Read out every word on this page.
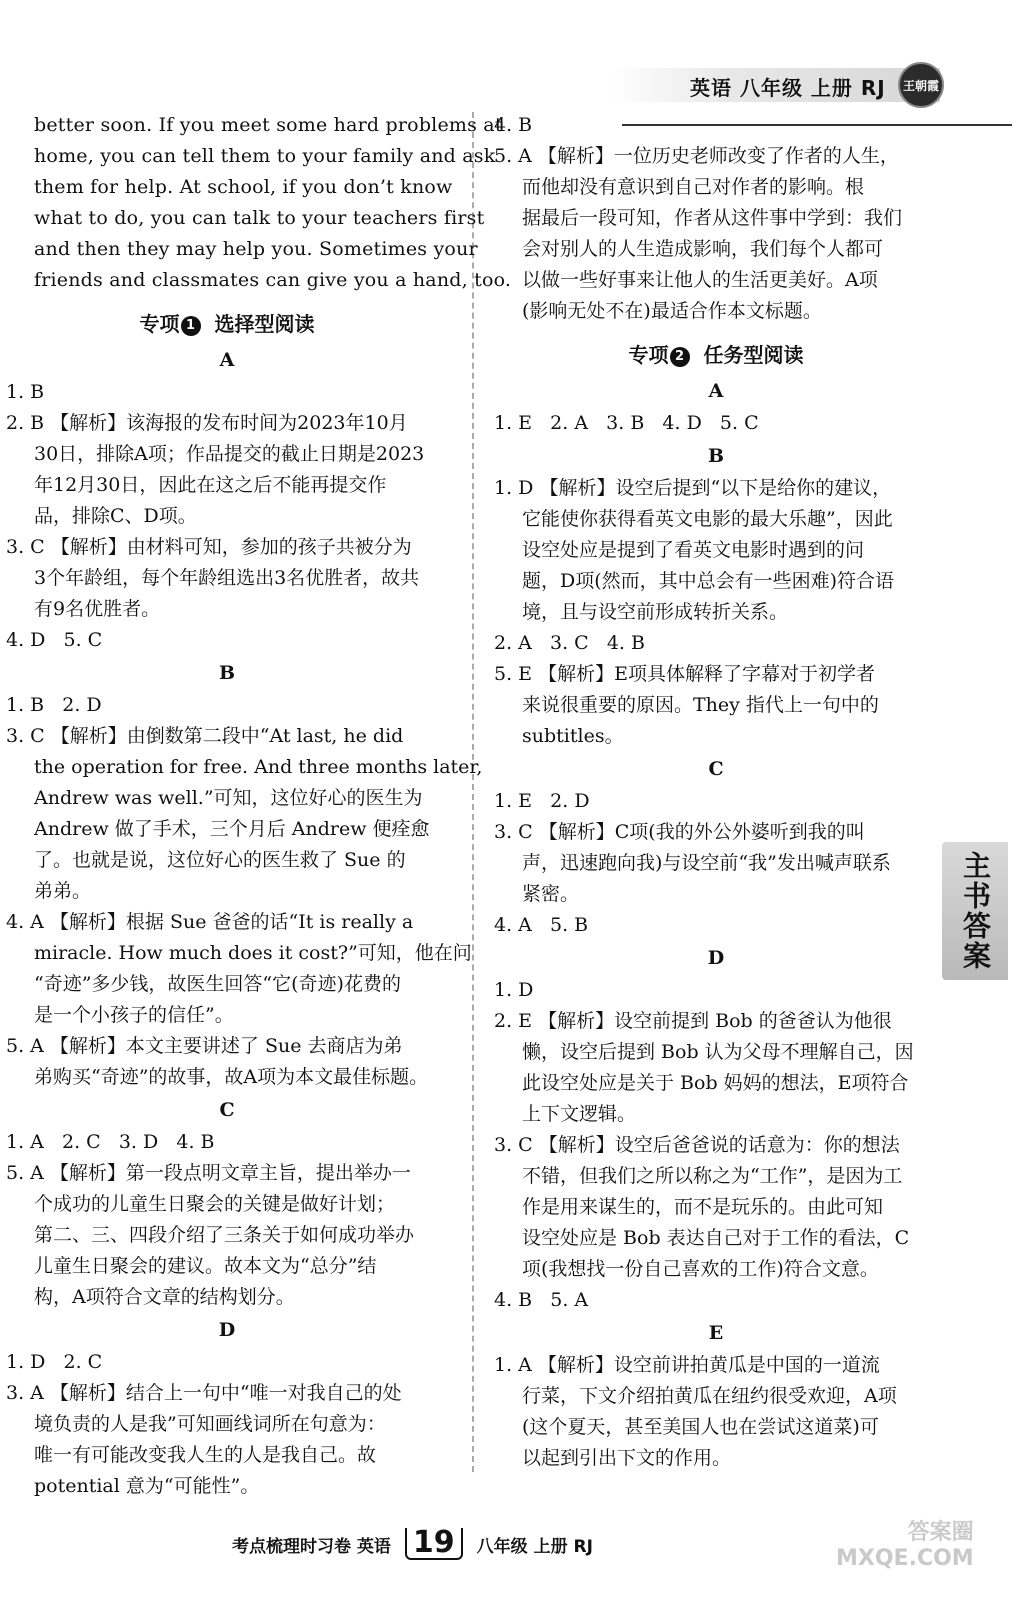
英语 八年级 上册 RJ	王朝霞
better soon. If you meet some hard problems at
home, you can tell them to your family and ask
them for help. At school, if you don’t know
what to do, you can talk to your teachers first
and then they may help you. Sometimes your
friends and classmates can give you a hand, too.
专项 1 选择型阅读
A
1. B
2. B 【解析】该海报的发布时间为2023年10月
30日，排除A项；作品提交的截止日期是2023
年12月30日，因此在这之后不能再提交作
品，排除C、D项。
3. C 【解析】由材料可知，参加的孩子共被分为
3个年龄组，每个年龄组选出3名优胜者，故共
有9名优胜者。
4. D   5. C
B
1. B   2. D
3. C 【解析】由倒数第二段中“At last, he did
the operation for free. And three months later,
Andrew was well.”可知，这位好心的医生为
Andrew 做了手术，三个月后 Andrew 便痊愈
了。也就是说，这位好心的医生救了 Sue 的
弟弟。
4. A 【解析】根据 Sue 爸爸的话“It is really a
miracle. How much does it cost?”可知，他在问
“奇迹”多少钱，故医生回答“它(奇迹)花费的
是一个小孩子的信任”。
5. A 【解析】本文主要讲述了 Sue 去商店为弟
弟购买“奇迹”的故事，故A项为本文最佳标题。
C
1. A   2. C   3. D   4. B
5. A 【解析】第一段点明文章主旨，提出举办一
个成功的儿童生日聚会的关键是做好计划；
第二、三、四段介绍了三条关于如何成功举办
儿童生日聚会的建议。故本文为“总分”结
构，A项符合文章的结构划分。
D
1. D   2. C
3. A 【解析】结合上一句中“唯一对我自己的处
境负责的人是我”可知画线词所在句意为：
唯一有可能改变我人生的人是我自己。故
potential 意为“可能性”。
4. B
5. A 【解析】一位历史老师改变了作者的人生，
而他却没有意识到自己对作者的影响。根
据最后一段可知，作者从这件事中学到：我们
会对别人的人生造成影响，我们每个人都可
以做一些好事来让他人的生活更美好。A项
(影响无处不在)最适合作本文标题。
专项 2 任务型阅读
A
1. E   2. A   3. B   4. D   5. C
B
1. D 【解析】设空后提到“以下是给你的建议，
它能使你获得看英文电影的最大乐趣”，因此
设空处应是提到了看英文电影时遇到的问
题，D项(然而，其中总会有一些困难)符合语
境，且与设空前形成转折关系。
2. A   3. C   4. B
5. E 【解析】E项具体解释了字幕对于初学者
来说很重要的原因。They 指代上一句中的
subtitles。
C
1. E   2. D
3. C 【解析】C项(我的外公外婆听到我的叫
声，迅速跑向我)与设空前“我”发出喊声联系
紧密。
4. A   5. B
D
1. D
2. E 【解析】设空前提到 Bob 的爸爸认为他很
懒，设空后提到 Bob 认为父母不理解自己，因
此设空处应是关于 Bob 妈妈的想法，E项符合
上下文逻辑。
3. C 【解析】设空后爸爸说的话意为：你的想法
不错，但我们之所以称之为“工作”，是因为工
作是用来谋生的，而不是玩乐的。由此可知
设空处应是 Bob 表达自己对于工作的看法，C
项(我想找一份自己喜欢的工作)符合文意。
4. B   5. A
E
1. A 【解析】设空前讲拍黄瓜是中国的一道流
行菜，下文介绍拍黄瓜在纽约很受欢迎，A项
(这个夏天，甚至美国人也在尝试这道菜)可
以起到引出下文的作用。
主书答案
考点梳理时习卷 英语 19	八年级 上册 RJ
答案圈
MXQE.COM
